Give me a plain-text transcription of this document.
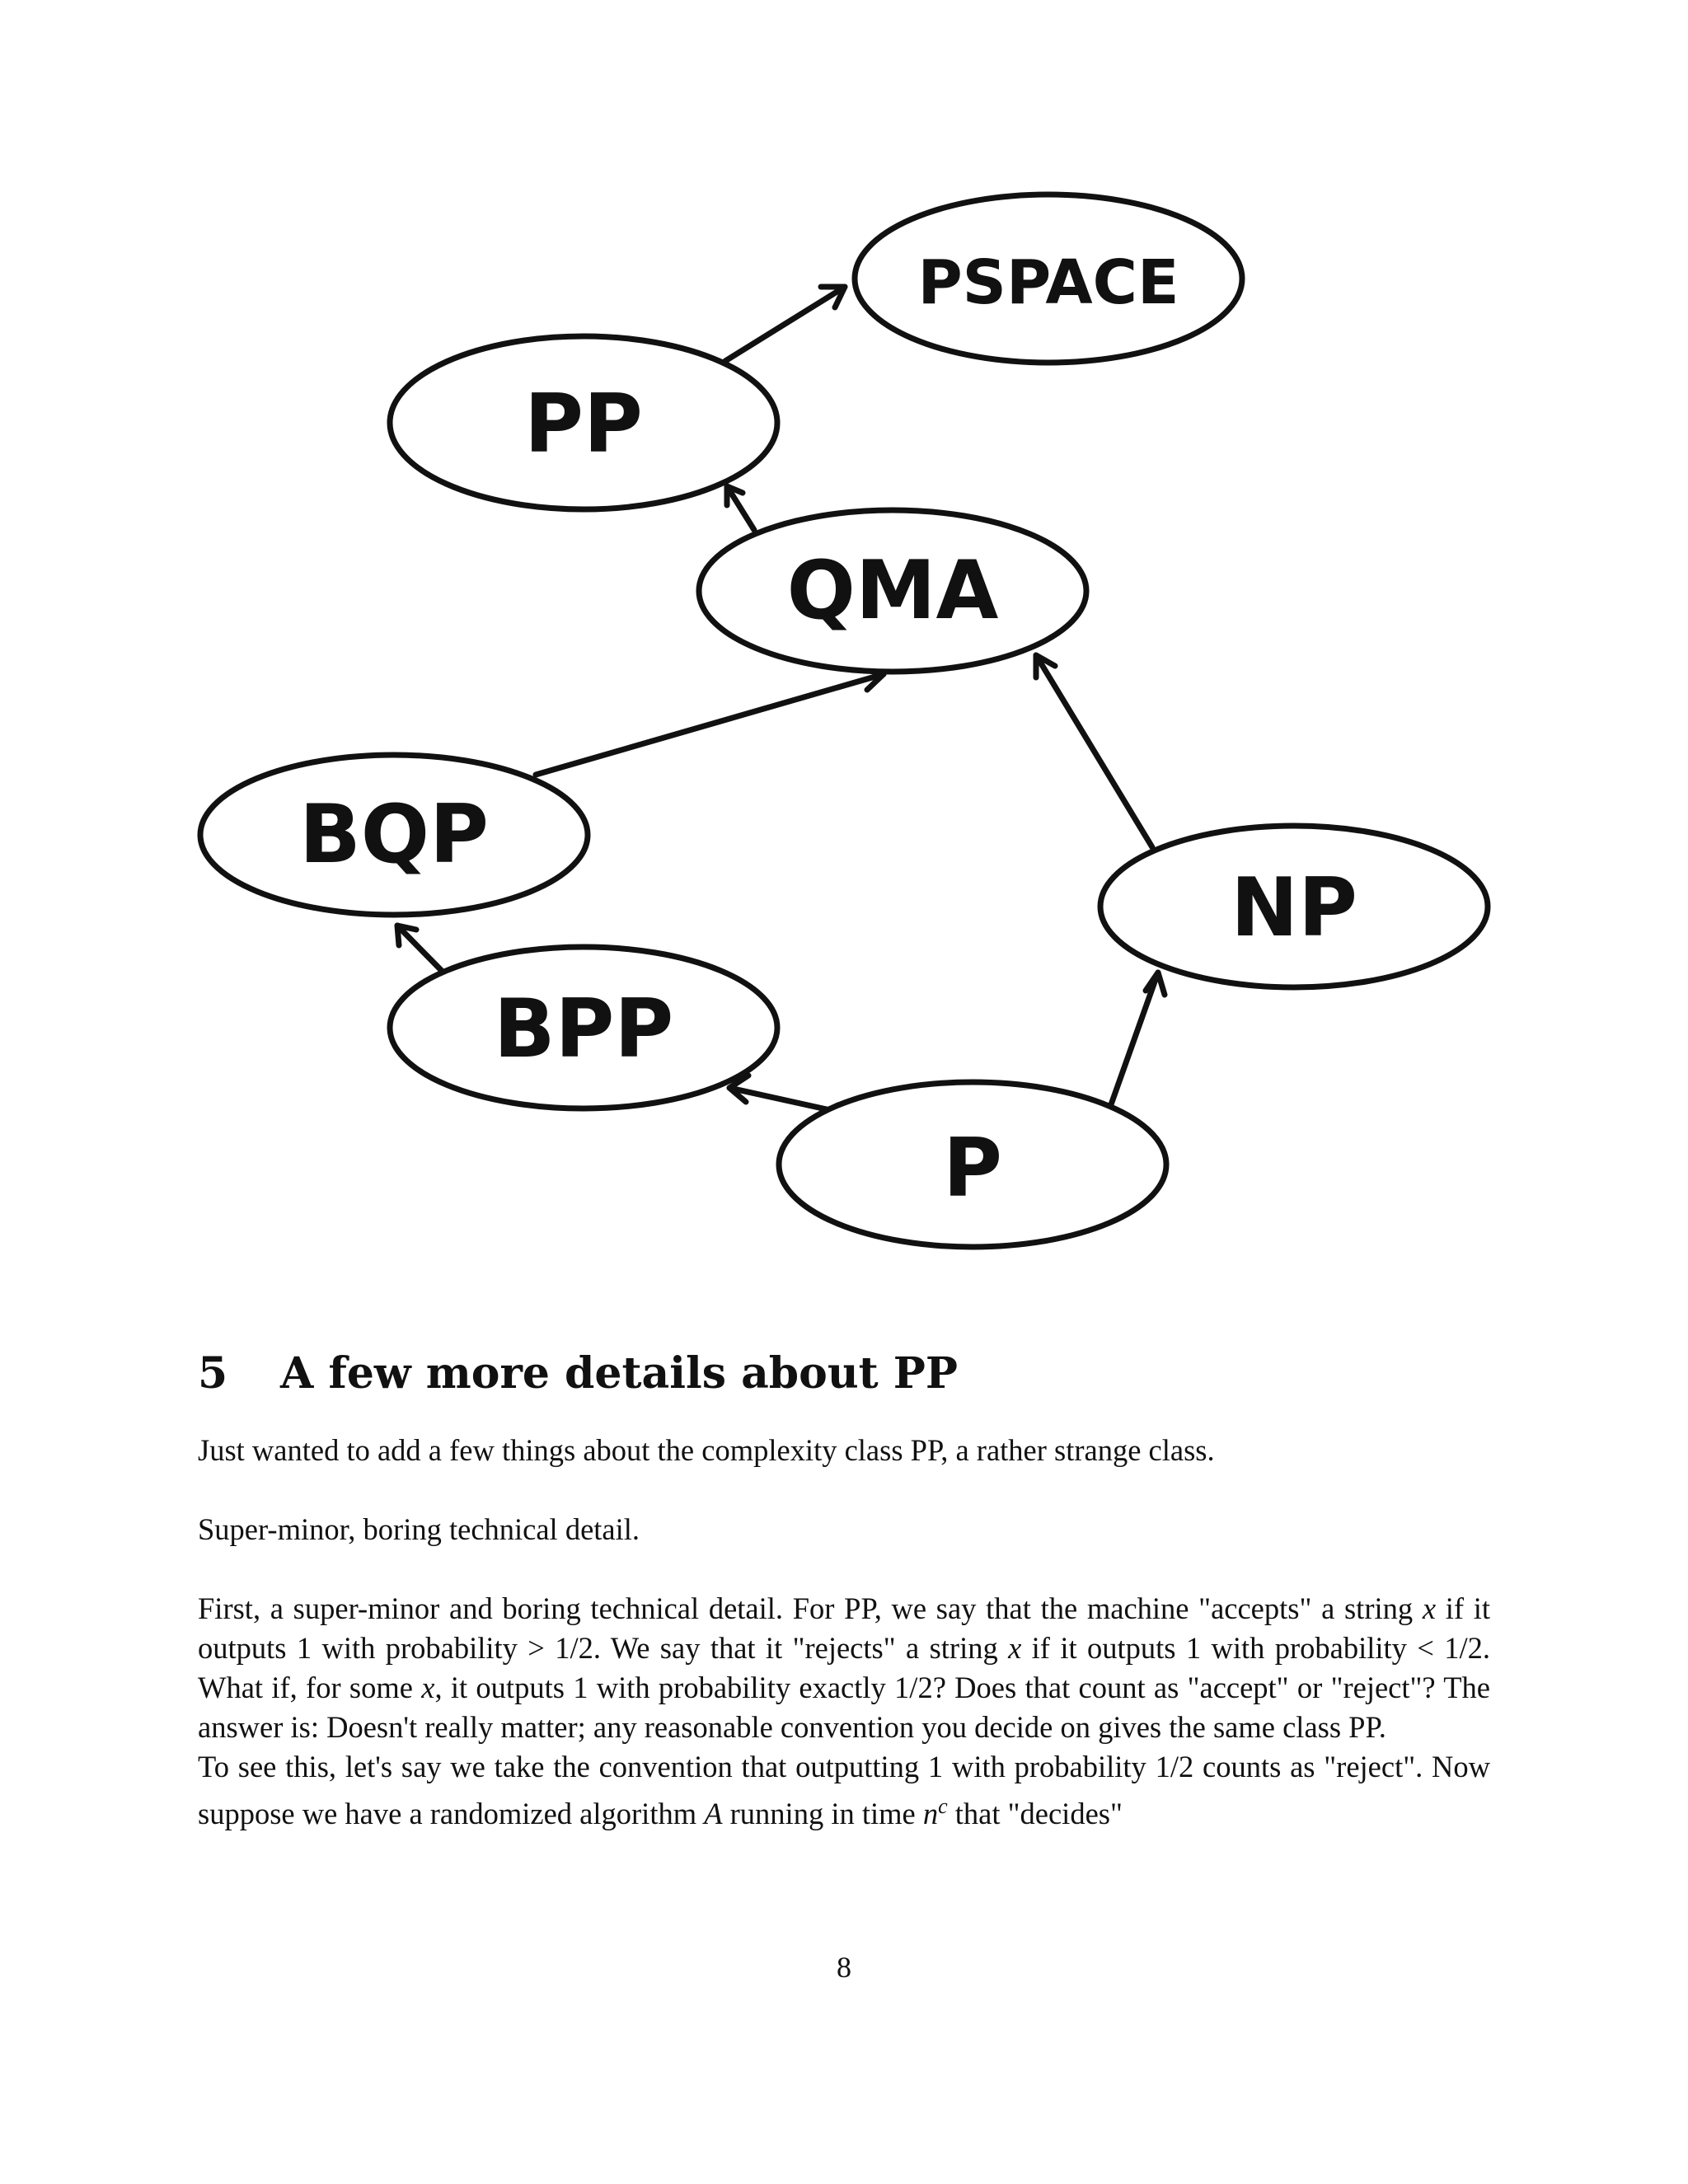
PSPACE
PP
QMA
BQP
NP
BPP
P
5 A few more details about PP

Just wanted to add a few things about the complexity class PP, a rather strange class.

Super-minor, boring technical detail.

First, a super-minor and boring technical detail. For PP, we say that the machine "accepts" a string x if it outputs 1 with probability > 1/2. We say that it "rejects" a string x if it outputs 1 with probability < 1/2. What if, for some x, it outputs 1 with probability exactly 1/2? Does that count as "accept" or "reject"? The answer is: Doesn't really matter; any reasonable convention you decide on gives the same class PP.
To see this, let's say we take the convention that outputting 1 with probability 1/2 counts as "reject". Now suppose we have a randomized algorithm A running in time $n^c$ that "decides"
8
